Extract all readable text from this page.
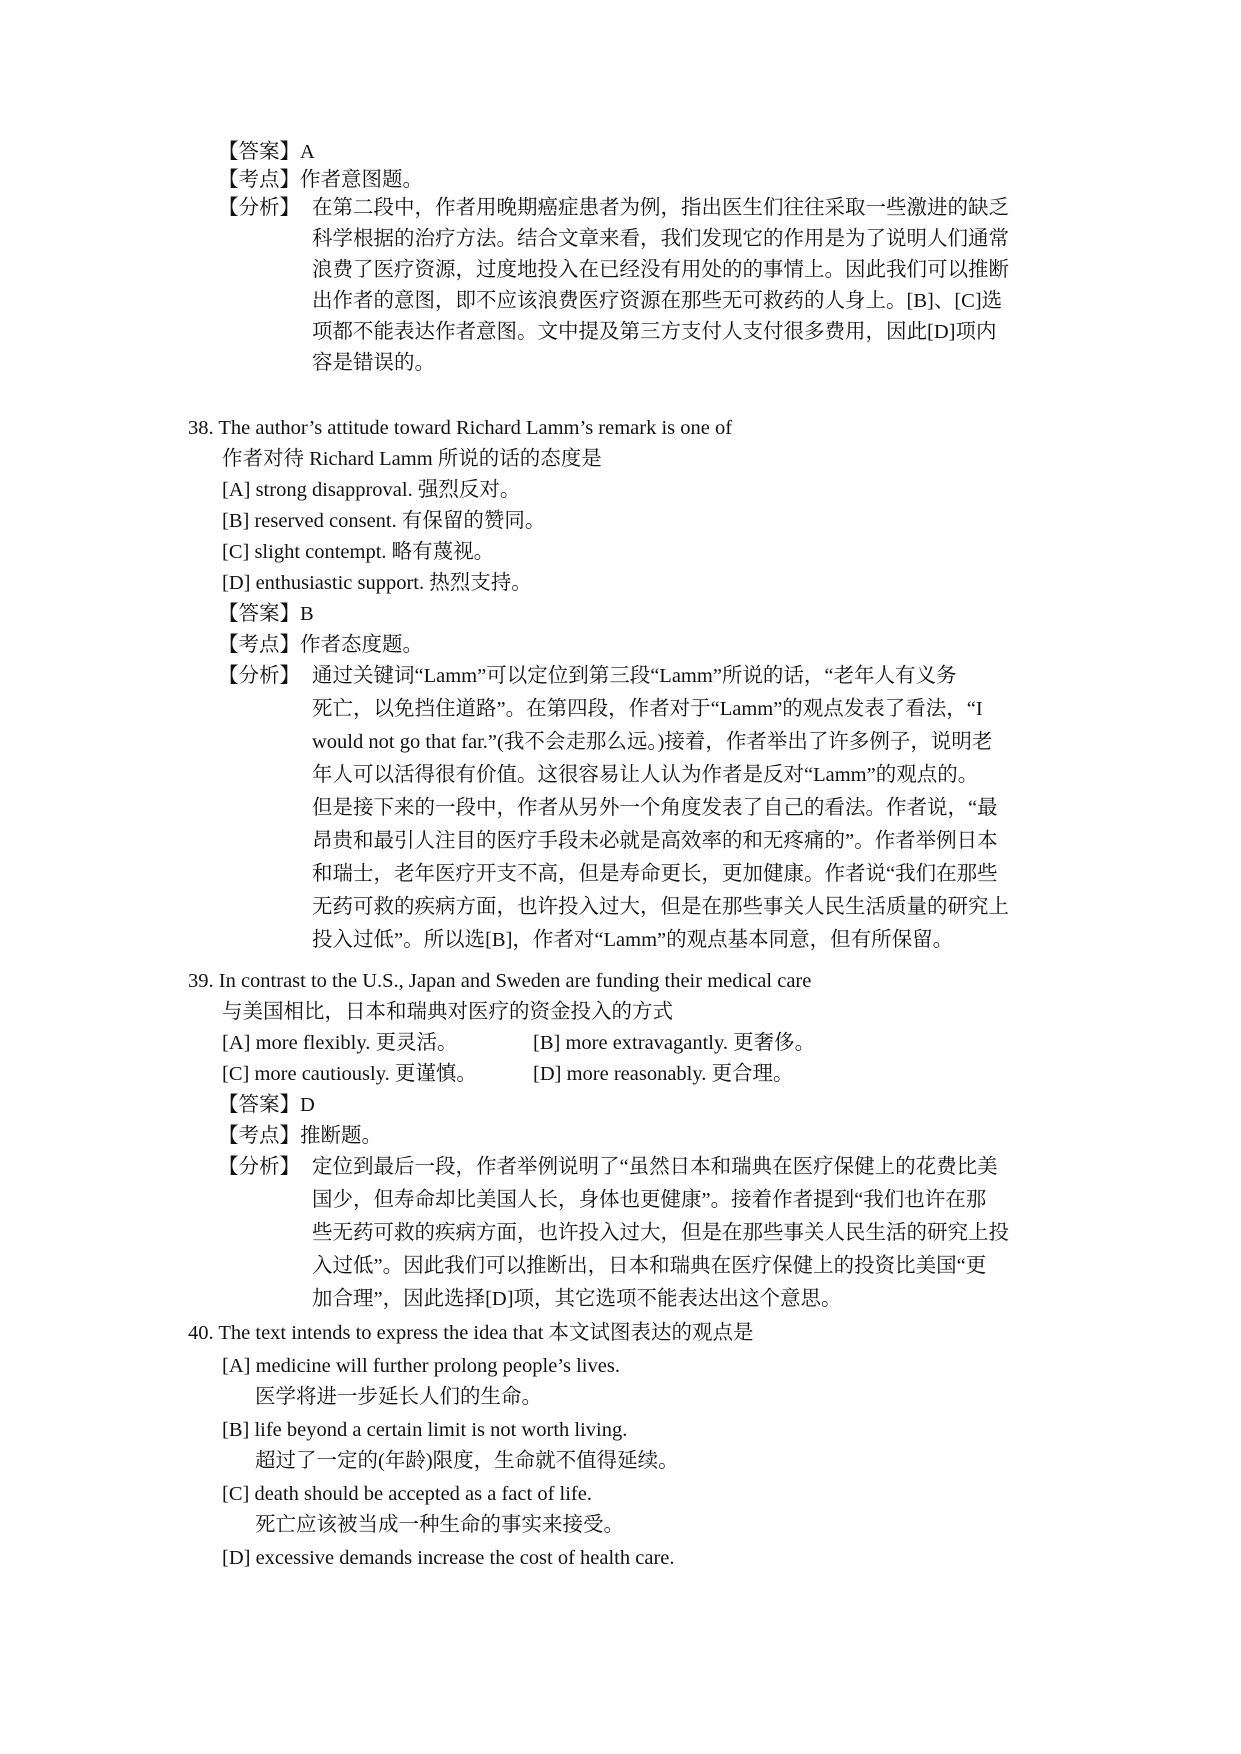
【答案】A
【考点】作者意图题。
【分析】 在第二段中，作者用晚期癌症患者为例，指出医生们往往采取一些激进的缺乏
科学根据的治疗方法。结合文章来看，我们发现它的作用是为了说明人们通常
浪费了医疗资源，过度地投入在已经没有用处的的事情上。因此我们可以推断
出作者的意图，即不应该浪费医疗资源在那些无可救药的人身上。[B]、[C]选
项都不能表达作者意图。文中提及第三方支付人支付很多费用，因此[D]项内
容是错误的。
38. The author’s attitude toward Richard Lamm’s remark is one of
作者对待 Richard Lamm 所说的话的态度是
[A] strong disapproval. 强烈反对。
[B] reserved consent. 有保留的赞同。
[C] slight contempt. 略有蔑视。
[D] enthusiastic support. 热烈支持。
【答案】B
【考点】作者态度题。
【分析】 通过关键词“Lamm”可以定位到第三段“Lamm”所说的话，“老年人有义务
死亡，以免挡住道路”。在第四段，作者对于“Lamm”的观点发表了看法，“I
would not go that far.”(我不会走那么远。)接着，作者举出了许多例子，说明老
年人可以活得很有价值。这很容易让人认为作者是反对“Lamm”的观点的。
但是接下来的一段中，作者从另外一个角度发表了自己的看法。作者说，“最
昂贵和最引人注目的医疗手段未必就是高效率的和无疼痛的”。作者举例日本
和瑞士，老年医疗开支不高，但是寿命更长，更加健康。作者说“我们在那些
无药可救的疾病方面，也许投入过大，但是在那些事关人民生活质量的研究上
投入过低”。所以选[B]，作者对“Lamm”的观点基本同意，但有所保留。
39. In contrast to the U.S., Japan and Sweden are funding their medical care
与美国相比，日本和瑞典对医疗的资金投入的方式
[A] more flexibly. 更灵活。	[B] more extravagantly. 更奢侈。
[C] more cautiously. 更谨慎。	[D] more reasonably. 更合理。
【答案】D
【考点】推断题。
【分析】 定位到最后一段，作者举例说明了“虽然日本和瑞典在医疗保健上的花费比美
国少，但寿命却比美国人长，身体也更健康”。接着作者提到“我们也许在那
些无药可救的疾病方面，也许投入过大，但是在那些事关人民生活的研究上投
入过低”。因此我们可以推断出，日本和瑞典在医疗保健上的投资比美国“更
加合理”，因此选择[D]项，其它选项不能表达出这个意思。
40. The text intends to express the idea that 本文试图表达的观点是
[A] medicine will further prolong people’s lives.
医学将进一步延长人们的生命。
[B] life beyond a certain limit is not worth living.
超过了一定的(年龄)限度，生命就不值得延续。
[C] death should be accepted as a fact of life.
死亡应该被当成一种生命的事实来接受。
[D] excessive demands increase the cost of health care.
